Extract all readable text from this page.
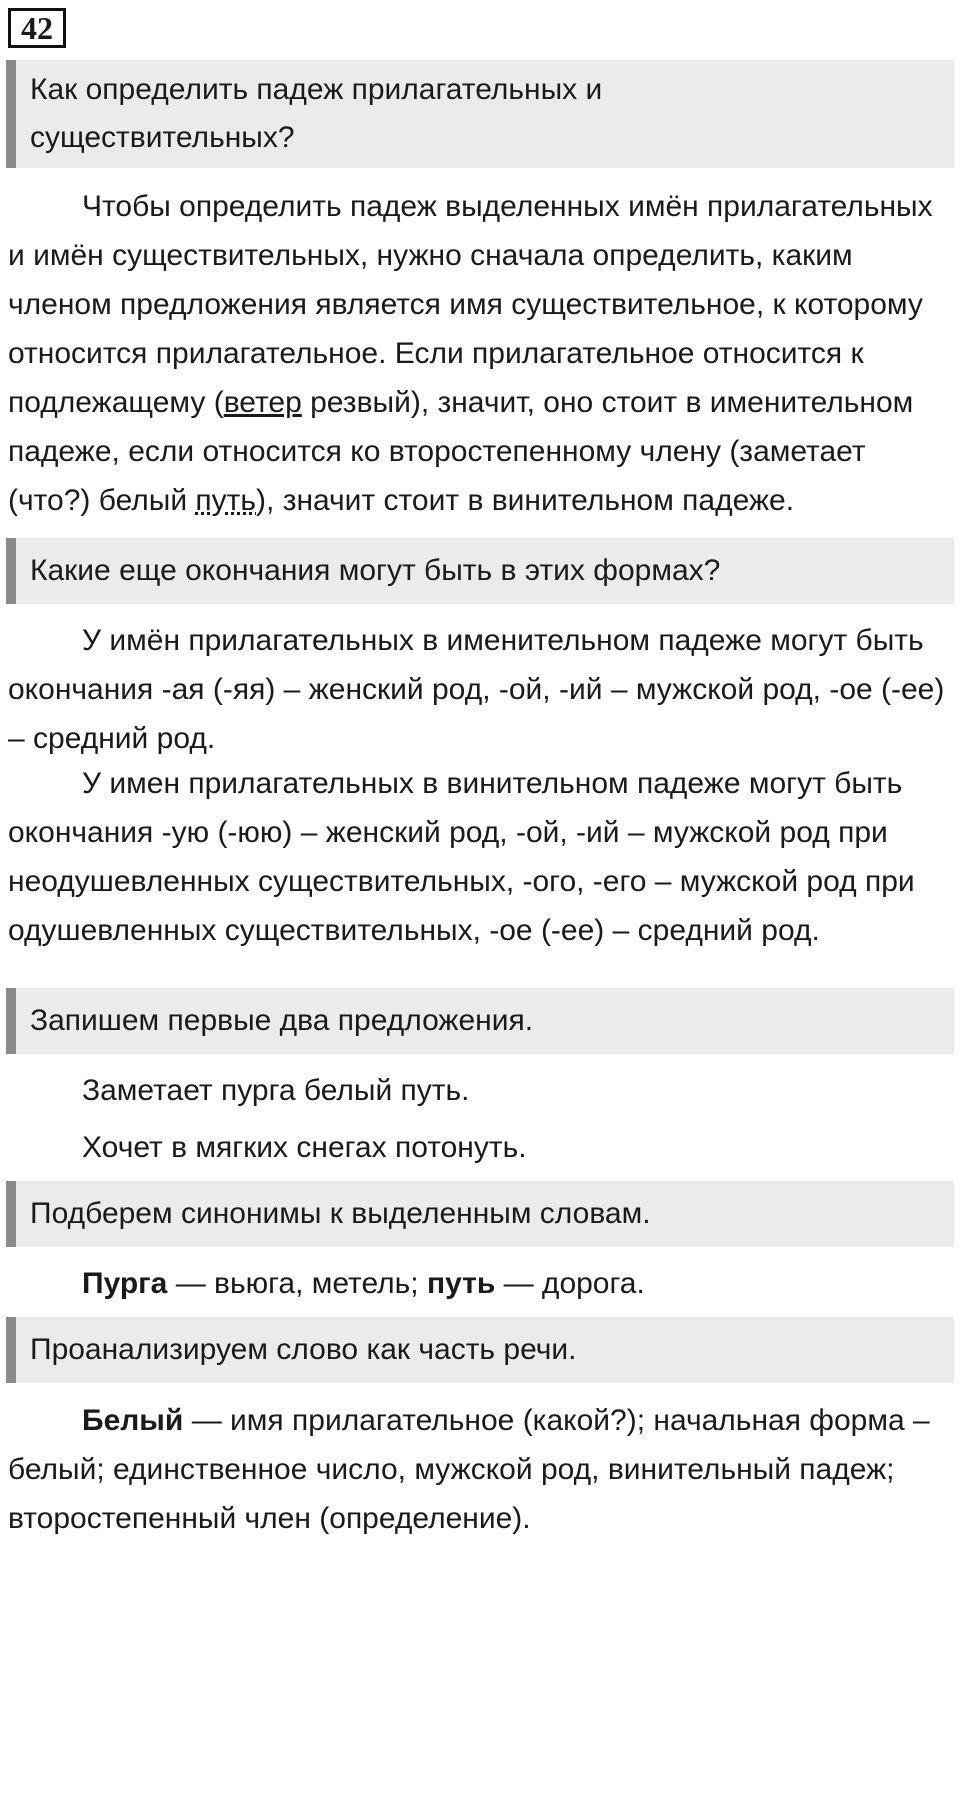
42
Как определить падеж прилагательных и
существительных?

Чтобы определить падеж выделенных имён прилагательных и имён существительных, нужно сначала определить, каким членом предложения является имя существительное, к которому относится прилагательное. Если прилагательное относится к подлежащему (ветер резвый), значит, оно стоит в именительном падеже, если относится ко второстепенному члену (заметает (что?) белый путь), значит стоит в винительном падеже.

Какие еще окончания могут быть в этих формах?

У имён прилагательных в именительном падеже могут быть окончания -ая (-яя) – женский род, -ой, -ий – мужской род, -ое (-ее) – средний род.

У имен прилагательных в винительном падеже могут быть окончания -ую (-юю) – женский род, -ой, -ий – мужской род при неодушевленных существительных, -ого, -его – мужской род при одушевленных существительных, -ое (-ее) – средний род.

Запишем первые два предложения.

Заметает пурга белый путь.

Хочет в мягких снегах потонуть.

Подберем синонимы к выделенным словам.

Пурга — вьюга, метель; путь — дорога.

Проанализируем слово как часть речи.

Белый — имя прилагательное (какой?); начальная форма – белый; единственное число, мужской род, винительный падеж; второстепенный член (определение).
